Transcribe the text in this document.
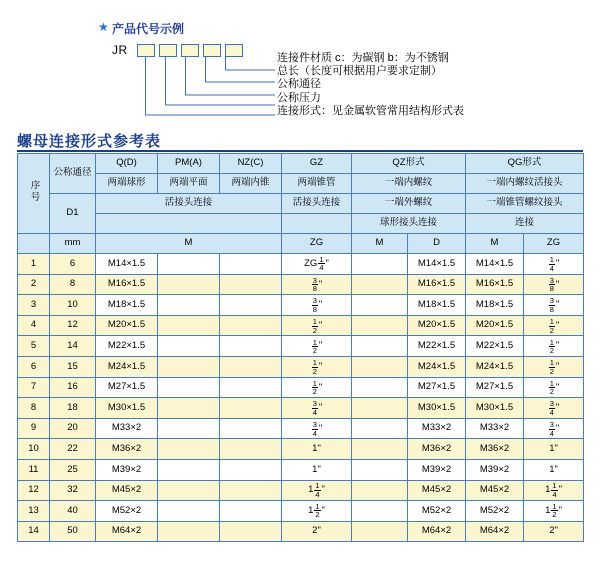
★ 产品代号示例
JR
连接件材质 c：为碳钢 b：为不锈钢
总长（长度可根据用户要求定制）
公称通径
公称压力
连接形式：见金属软管常用结构形式表
螺母连接形式参考表
序号	公称通径	Q(D)	PM(A)	NZ(C)	GZ	QZ形式		QG形式	
		两端球形	两端平面	两端内锥	两端锥管	一端内螺纹		一端内螺纹活接头	
	D1	活接头连接			活接头连接	一端外螺纹		一端锥管螺纹接头	
						球形接头连接		连接	
	mm	M			ZG	M	D	M	ZG
1	6	M14×1.5			ZG $\frac{1}{4}$ "		M14×1.5	M14×1.5	$\frac{1}{4}$ "

2	8	M16×1.5			$\frac{3}{8}$ "		M16×1.5	M16×1.5	$\frac{3}{8}$ "

3	10	M18×1.5			$\frac{3}{8}$ "		M18×1.5	M18×1.5	$\frac{3}{8}$ "

4	12	M20×1.5			$\frac{1}{2}$ "		M20×1.5	M20×1.5	$\frac{1}{2}$ "

5	14	M22×1.5			$\frac{1}{2}$ "		M22×1.5	M22×1.5	$\frac{1}{2}$ "

6	15	M24×1.5			$\frac{1}{2}$ "		M24×1.5	M24×1.5	$\frac{1}{2}$ "

7	16	M27×1.5			$\frac{1}{2}$ "		M27×1.5	M27×1.5	$\frac{1}{2}$ "

8	18	M30×1.5			$\frac{3}{4}$ "		M30×1.5	M30×1.5	$\frac{3}{4}$ "

9	20	M33×2			$\frac{3}{4}$ "		M33×2	M33×2	$\frac{3}{4}$ "

10	22	M36×2			1"		M36×2	M36×2	1"
11	25	M39×2			1"		M39×2	M39×2	1"
12	32	M45×2			$1 \frac{1}{4}$ "		M45×2	M45×2	$1 \frac{1}{4}$ "

13	40	M52×2			$1 \frac{1}{2}$ "		M52×2	M52×2	$1 \frac{1}{2}$ "

14	50	M64×2			2"		M64×2	M64×2	2"
